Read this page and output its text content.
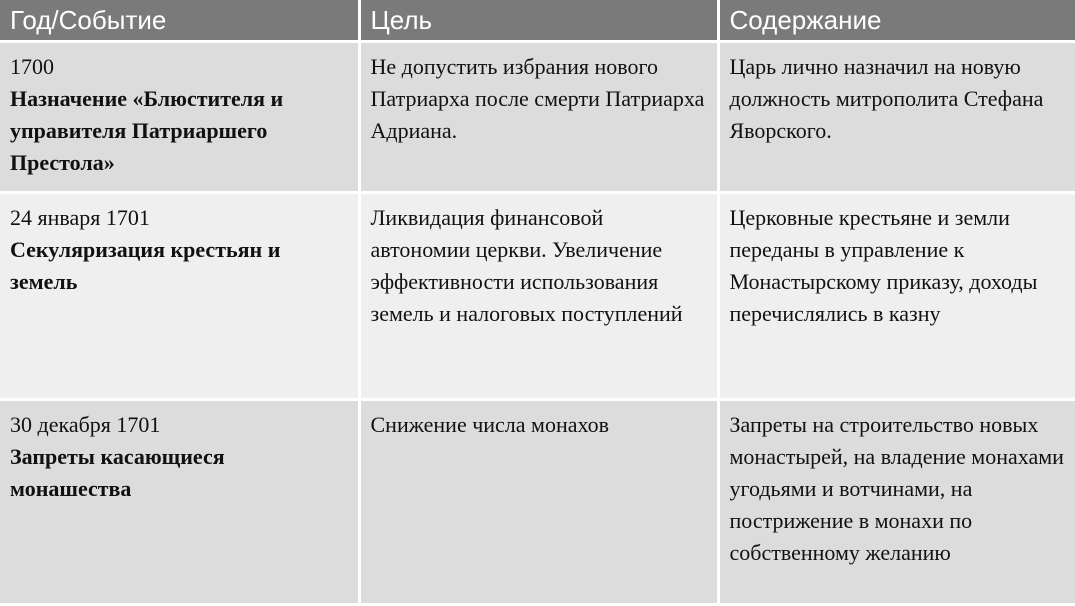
Год/Событие	Цель	Содержание

1700
Назначение «Блюстителя и управителя Патриаршего Престола»	Не допустить избрания нового Патриарха после смерти Патриарха Адриана.	Царь лично назначил на новую должность митрополита Стефана Яворского.

24 января 1701
Секуляризация крестьян и земель	Ликвидация финансовой автономии церкви. Увеличение эффективности использования земель и налоговых поступлений	Церковные крестьяне и земли переданы в управление к Монастырскому приказу, доходы перечислялись в казну

30 декабря 1701
Запреты касающиеся монашества	Снижение числа монахов	Запреты на строительство новых монастырей, на владение монахами угодьями и вотчинами, на пострижение в монахи по собственному желанию
